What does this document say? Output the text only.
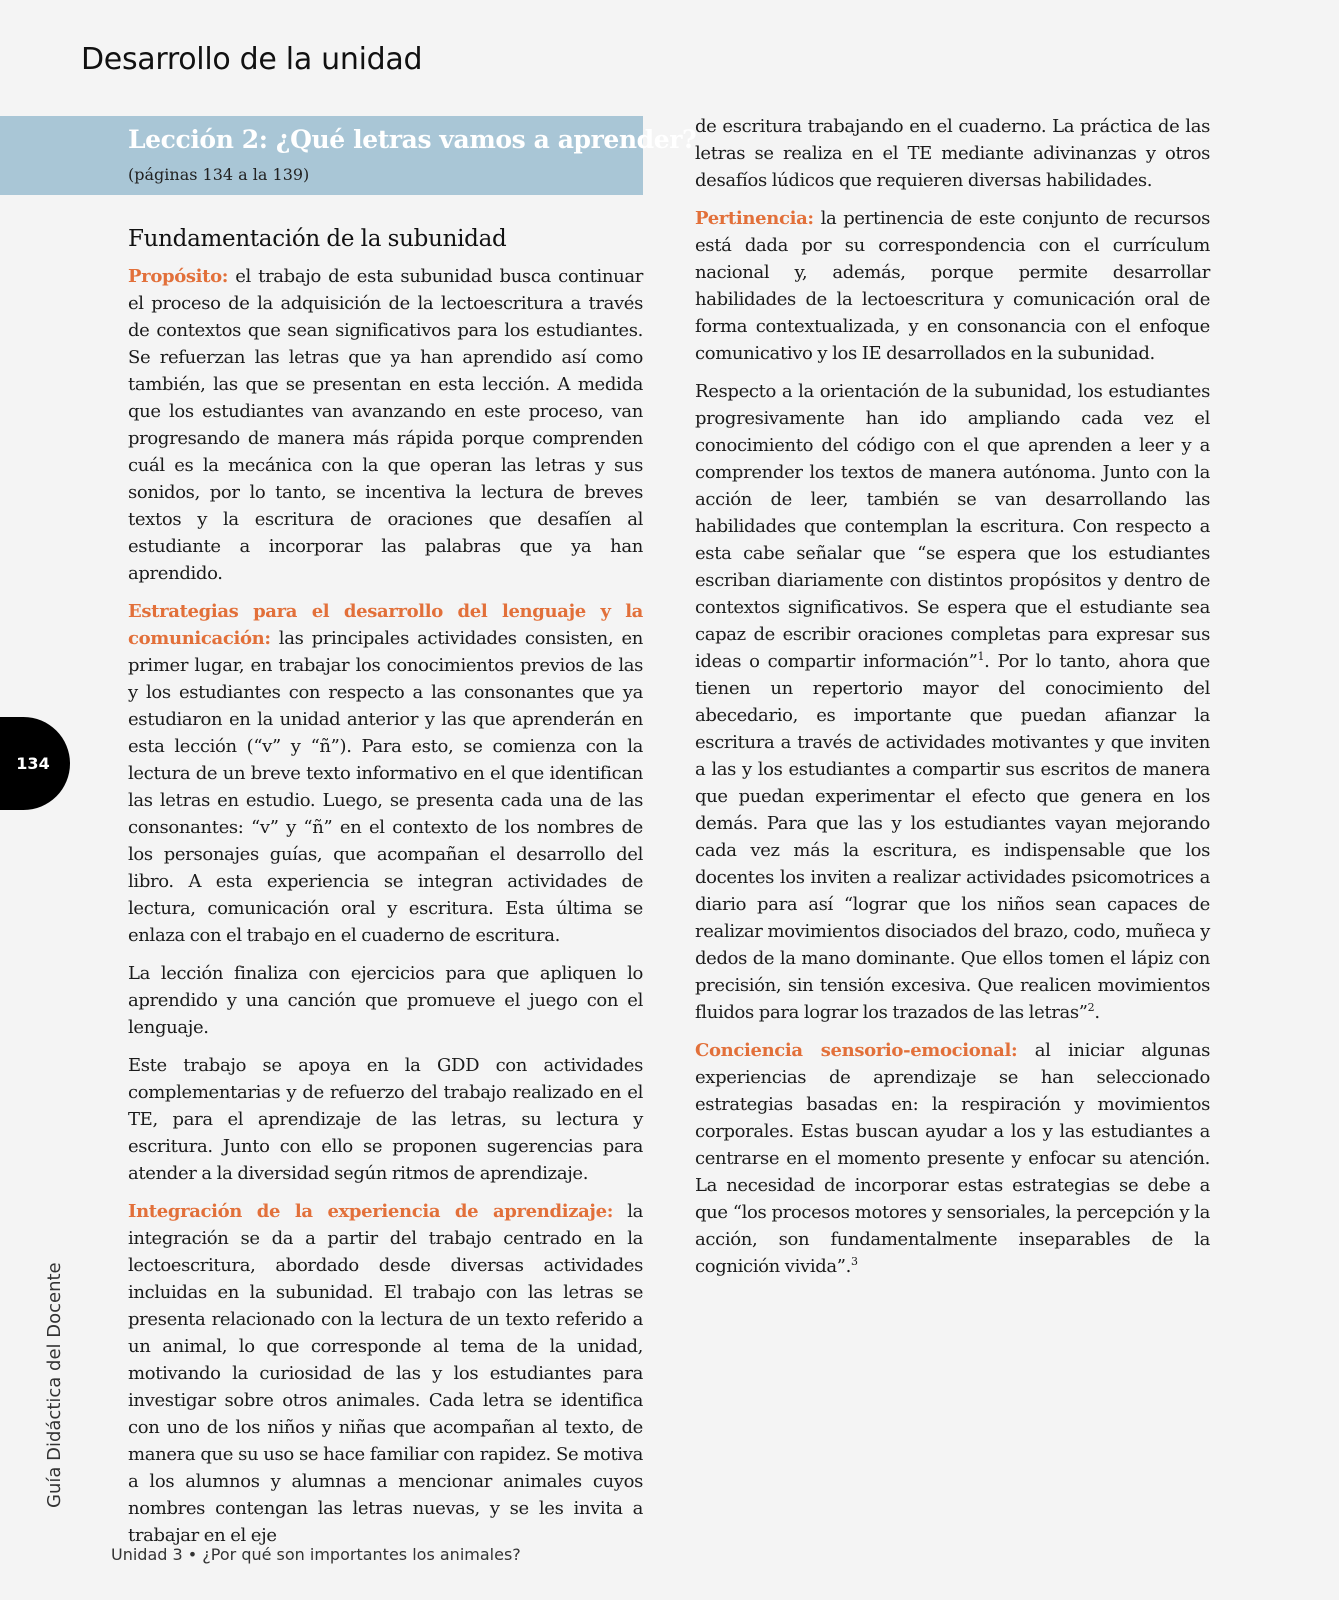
Desarrollo de la unidad
Lección 2: ¿Qué letras vamos a aprender?
(páginas 134 a la 139)
Fundamentación de la subunidad

Propósito: el trabajo de esta subunidad busca continuar el proceso de la adquisición de la lectoescritura a través de contextos que sean significativos para los estudiantes. Se refuerzan las letras que ya han aprendido así como también, las que se presentan en esta lección. A medida que los estudiantes van avanzando en este proceso, van progresando de manera más rápida porque comprenden cuál es la mecánica con la que operan las letras y sus sonidos, por lo tanto, se incentiva la lectura de breves textos y la escritura de oraciones que desafíen al estudiante a incorporar las palabras que ya han aprendido.

Estrategias para el desarrollo del lenguaje y la comunicación: las principales actividades consisten, en primer lugar, en trabajar los conocimientos previos de las y los estudiantes con respecto a las consonantes que ya estudiaron en la unidad anterior y las que aprenderán en esta lección (“v” y “ñ”). Para esto, se comienza con la lectura de un breve texto informativo en el que identifican las letras en estudio. Luego, se presenta cada una de las consonantes: “v” y “ñ” en el contexto de los nombres de los personajes guías, que acompañan el desarrollo del libro. A esta experiencia se integran actividades de lectura, comunicación oral y escritura. Esta última se enlaza con el trabajo en el cuaderno de escritura.

La lección finaliza con ejercicios para que apliquen lo aprendido y una canción que promueve el juego con el lenguaje.

Este trabajo se apoya en la GDD con actividades complementarias y de refuerzo del trabajo realizado en el TE, para el aprendizaje de las letras, su lectura y escritura. Junto con ello se proponen sugerencias para atender a la diversidad según ritmos de aprendizaje.

Integración de la experiencia de aprendizaje: la integración se da a partir del trabajo centrado en la lectoescritura, abordado desde diversas actividades incluidas en la subunidad. El trabajo con las letras se presenta relacionado con la lectura de un texto referido a un animal, lo que corresponde al tema de la unidad, motivando la curiosidad de las y los estudiantes para investigar sobre otros animales. Cada letra se identifica con uno de los niños y niñas que acompañan al texto, de manera que su uso se hace familiar con rapidez. Se motiva a los alumnos y alumnas a mencionar animales cuyos nombres contengan las letras nuevas, y se les invita a trabajar en el eje

de escritura trabajando en el cuaderno. La práctica de las letras se realiza en el TE mediante adivinanzas y otros desafíos lúdicos que requieren diversas habilidades.

Pertinencia: la pertinencia de este conjunto de recursos está dada por su correspondencia con el currículum nacional y, además, porque permite desarrollar habilidades de la lectoescritura y comunicación oral de forma contextualizada, y en consonancia con el enfoque comunicativo y los IE desarrollados en la subunidad.

Respecto a la orientación de la subunidad, los estudiantes progresivamente han ido ampliando cada vez el conocimiento del código con el que aprenden a leer y a comprender los textos de manera autónoma. Junto con la acción de leer, también se van desarrollando las habilidades que contemplan la escritura. Con respecto a esta cabe señalar que “se espera que los estudiantes escriban diariamente con distintos propósitos y dentro de contextos significativos. Se espera que el estudiante sea capaz de escribir oraciones completas para expresar sus ideas o compartir información”$^1$. Por lo tanto, ahora que tienen un repertorio mayor del conocimiento del abecedario, es importante que puedan afianzar la escritura a través de actividades motivantes y que inviten a las y los estudiantes a compartir sus escritos de manera que puedan experimentar el efecto que genera en los demás. Para que las y los estudiantes vayan mejorando cada vez más la escritura, es indispensable que los docentes los inviten a realizar actividades psicomotrices a diario para así “lograr que los niños sean capaces de realizar movimientos disociados del brazo, codo, muñeca y dedos de la mano dominante. Que ellos tomen el lápiz con precisión, sin tensión excesiva. Que realicen movimientos fluidos para lograr los trazados de las letras”$^2$.

Conciencia sensorio-emocional: al iniciar algunas experiencias de aprendizaje se han seleccionado estrategias basadas en: la respiración y movimientos corporales. Estas buscan ayudar a los y las estudiantes a centrarse en el momento presente y enfocar su atención. La necesidad de incorporar estas estrategias se debe a que “los procesos motores y sensoriales, la percepción y la acción, son fundamentalmente inseparables de la cognición vivida”.$^3$

134
Guía Didáctica del Docente
Unidad 3 • ¿Por qué son importantes los animales?
